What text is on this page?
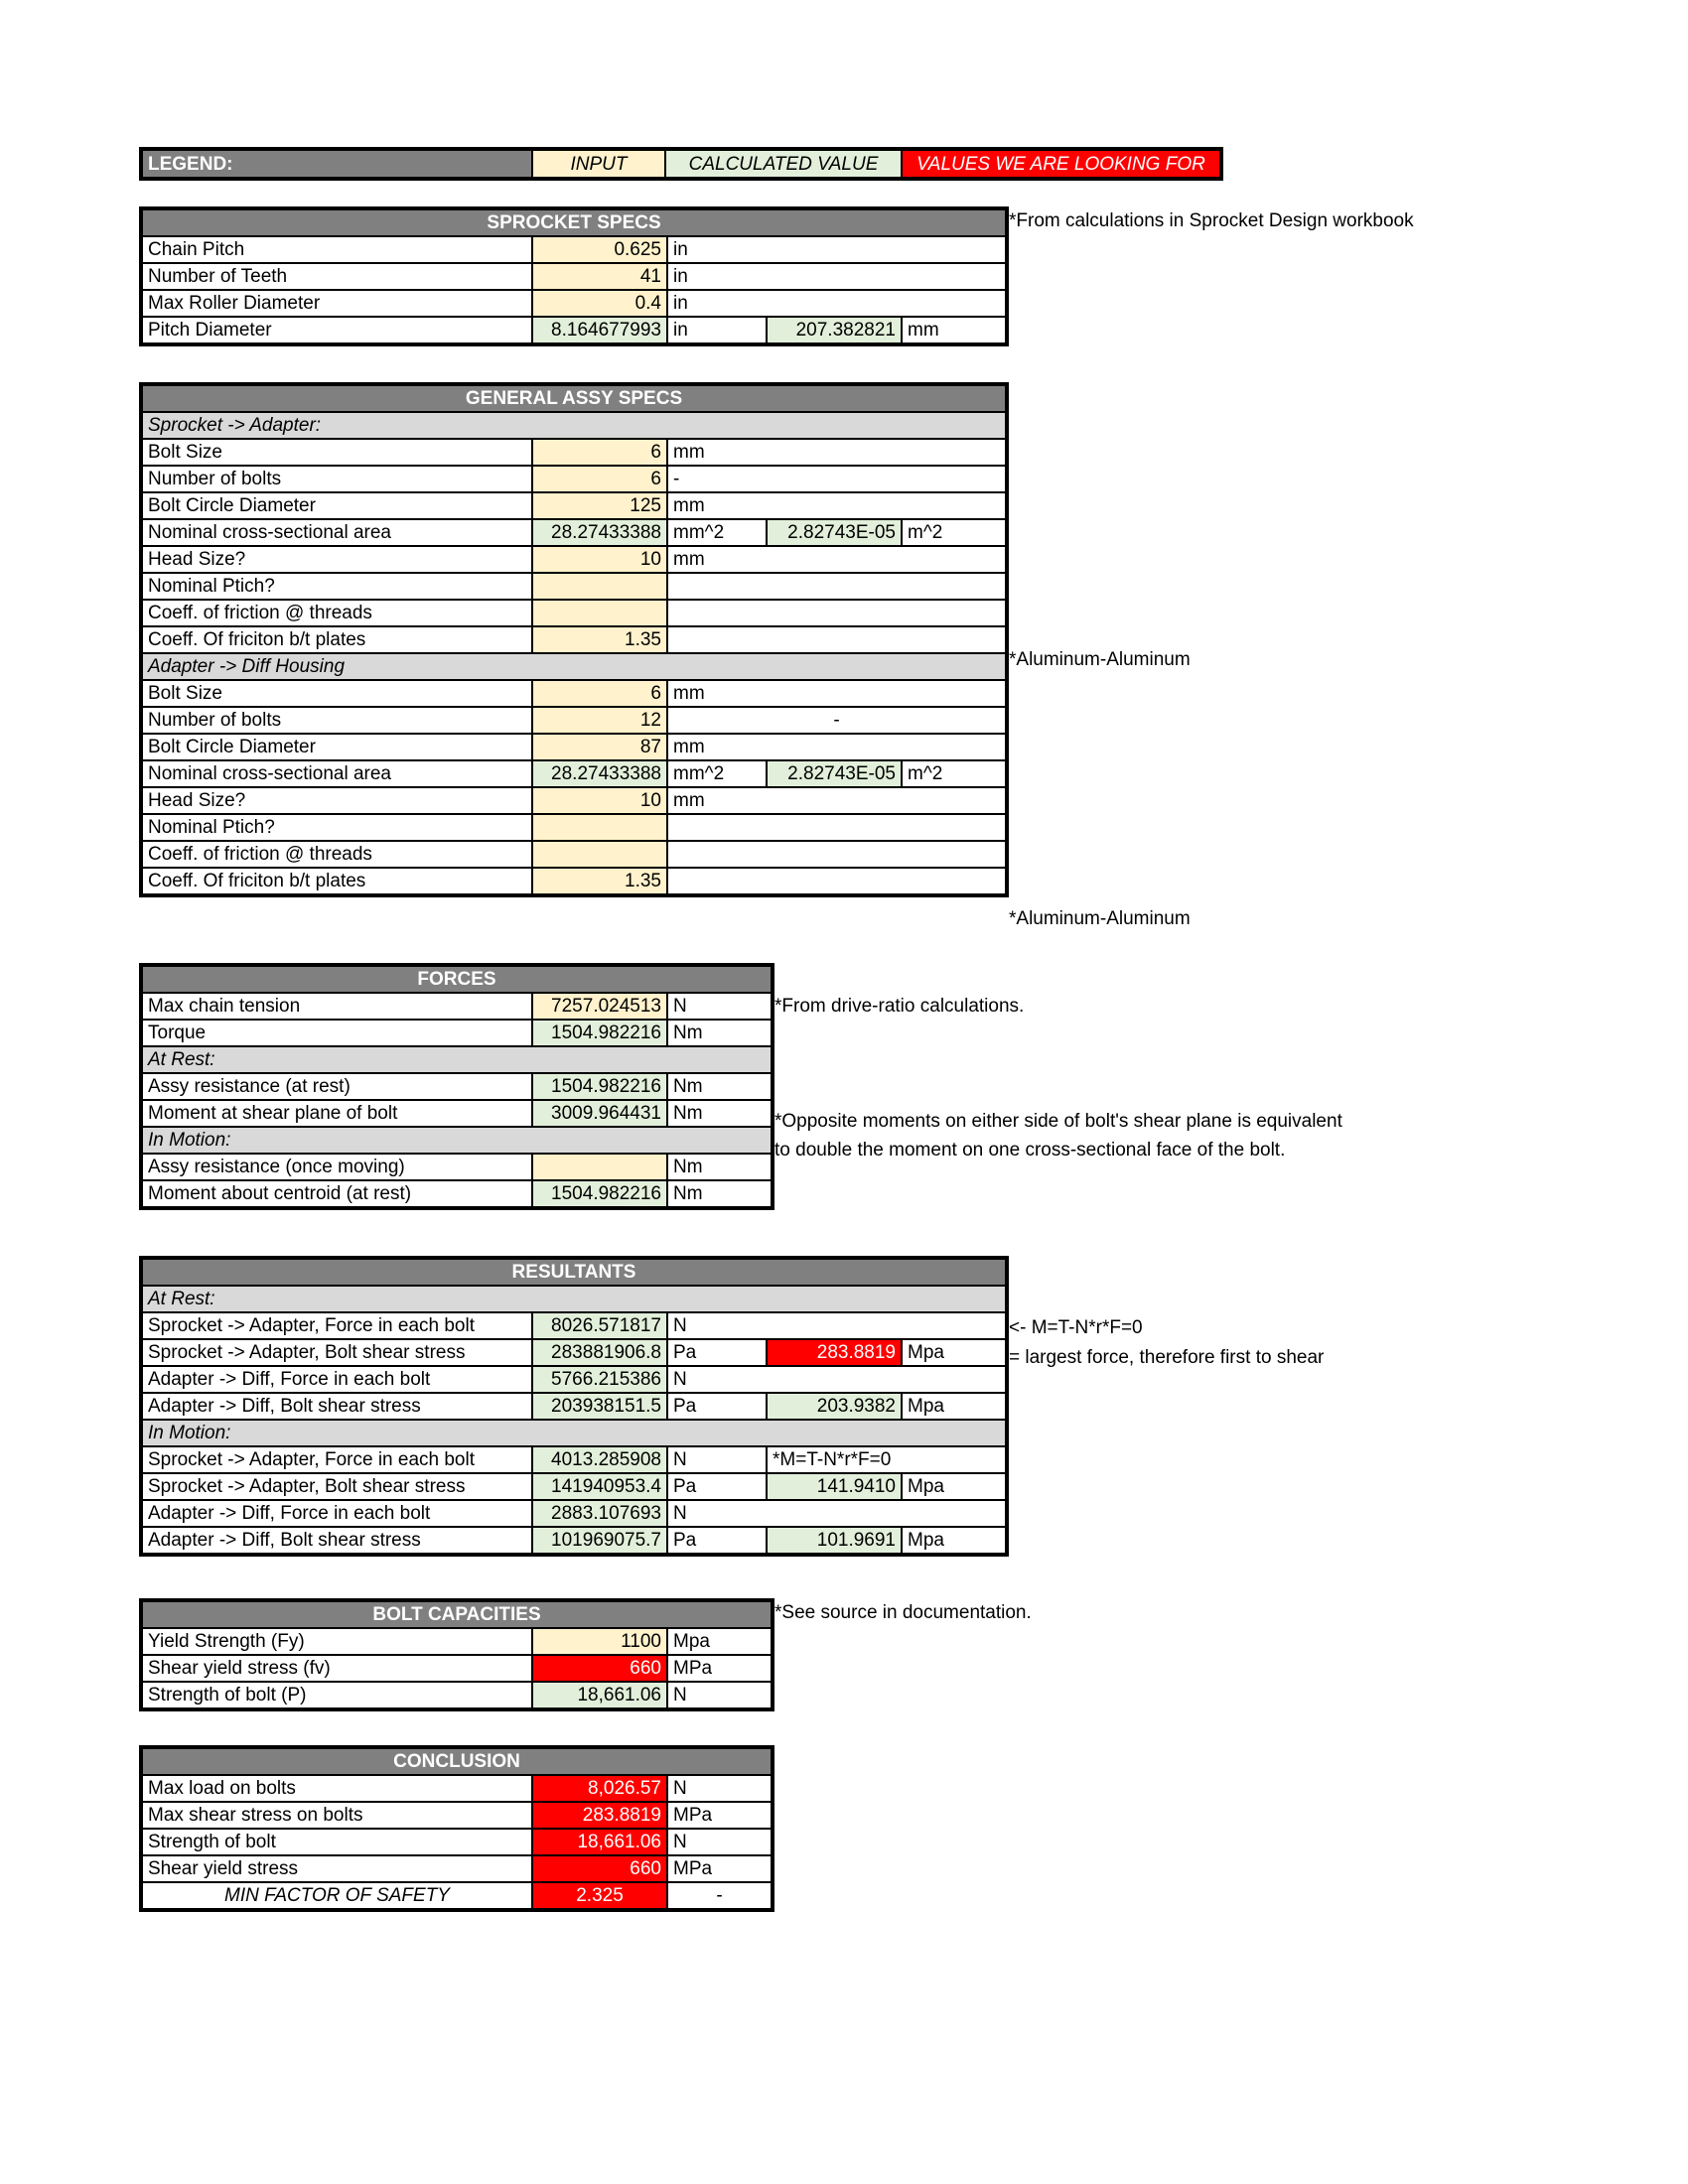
LEGEND:	INPUT	CALCULATED VALUE	VALUES WE ARE LOOKING FOR
SPROCKET SPECS				
Chain Pitch	0.625	in		
Number of Teeth	41	in		
Max Roller Diameter	0.4	in		
Pitch Diameter	8.164677993	in	207.382821	mm
*From calculations in Sprocket Design workbook
GENERAL ASSY SPECS				
Sprocket -> Adapter:				
Bolt Size	6	mm		
Number of bolts	6	-		
Bolt Circle Diameter	125	mm		
Nominal cross-sectional area	28.27433388	mm^2	2.82743E-05	m^2
Head Size?	10	mm		
Nominal Ptich?				
Coeff. of friction @ threads				
Coeff. Of friciton b/t plates	1.35			
Adapter -> Diff Housing				
Bolt Size	6	mm		
Number of bolts	12	-		
Bolt Circle Diameter	87	mm		
Nominal cross-sectional area	28.27433388	mm^2	2.82743E-05	m^2
Head Size?	10	mm		
Nominal Ptich?				
Coeff. of friction @ threads				
Coeff. Of friciton b/t plates	1.35			
*Aluminum-Aluminum
*Aluminum-Aluminum
FORCES		
Max chain tension	7257.024513	N
Torque	1504.982216	Nm
At Rest:		
Assy resistance (at rest)	1504.982216	Nm
Moment at shear plane of bolt	3009.964431	Nm
In Motion:		
Assy resistance (once moving)		Nm
Moment about centroid (at rest)	1504.982216	Nm
*From drive-ratio calculations.
*Opposite moments on either side of bolt's shear plane is equivalent
to double the moment on one cross-sectional face of the bolt.
RESULTANTS				
At Rest:				
Sprocket -> Adapter, Force in each bolt	8026.571817	N		
Sprocket -> Adapter, Bolt shear stress	283881906.8	Pa	283.8819	Mpa
Adapter -> Diff, Force in each bolt	5766.215386	N		
Adapter -> Diff, Bolt shear stress	203938151.5	Pa	203.9382	Mpa
In Motion:				
Sprocket -> Adapter, Force in each bolt	4013.285908	N	*M=T-N*r*F=0	
Sprocket -> Adapter, Bolt shear stress	141940953.4	Pa	141.9410	Mpa
Adapter -> Diff, Force in each bolt	2883.107693	N		
Adapter -> Diff, Bolt shear stress	101969075.7	Pa	101.9691	Mpa
<- M=T-N*r*F=0
= largest force, therefore first to shear
BOLT CAPACITIES		
Yield Strength (Fy)	1100	Mpa
Shear yield stress (fv)	660	MPa
Strength of bolt (P)	18,661.06	N
*See source in documentation.
CONCLUSION		
Max load on bolts	8,026.57	N
Max shear stress on bolts	283.8819	MPa
Strength of bolt	18,661.06	N
Shear yield stress	660	MPa
MIN FACTOR OF SAFETY	2.325	-
